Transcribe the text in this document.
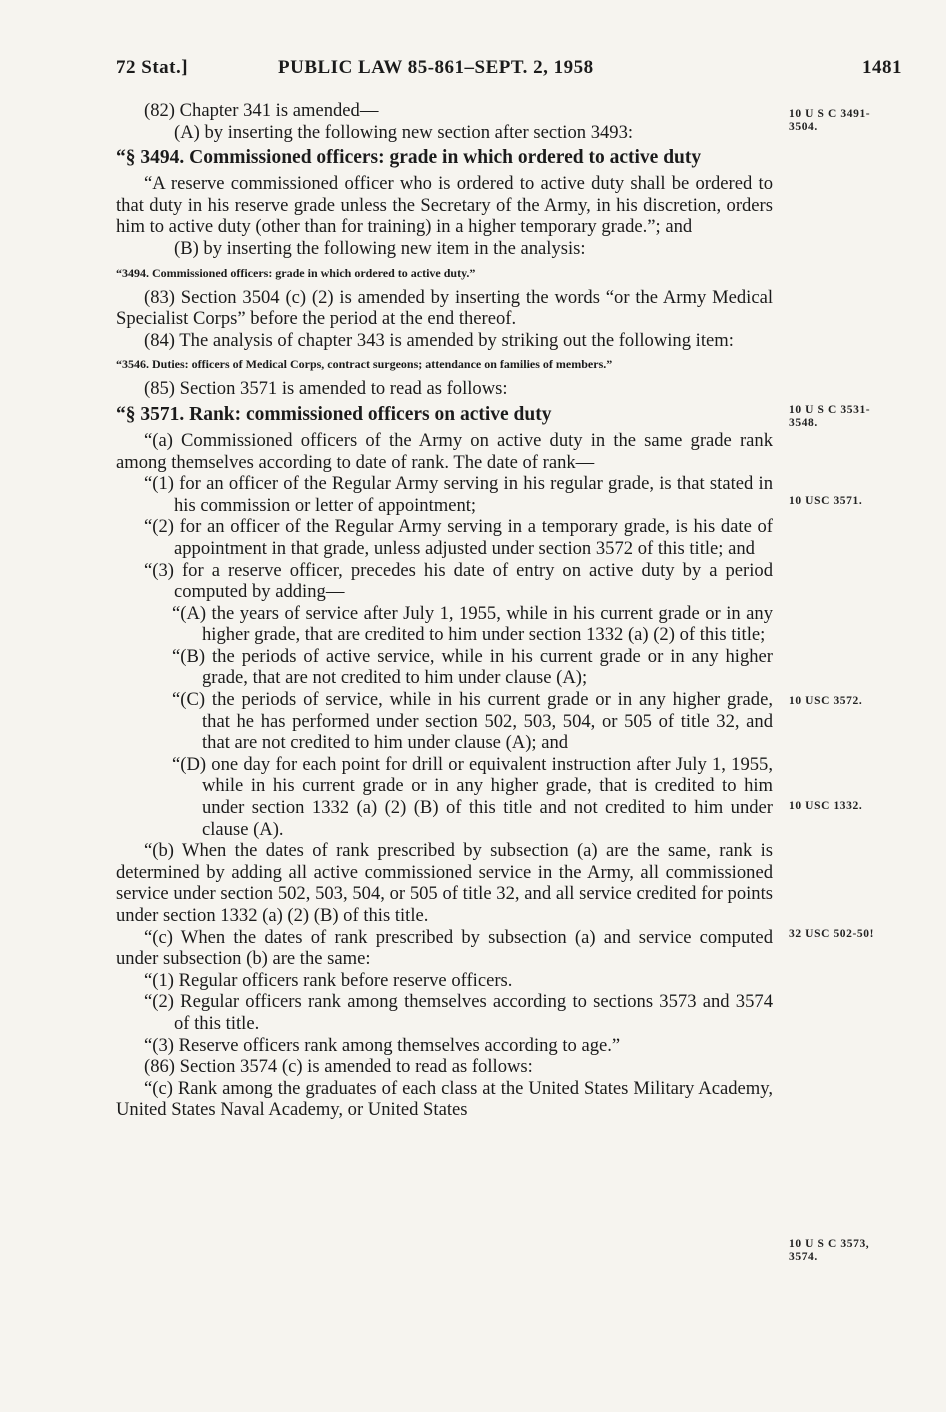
72 Stat.]	PUBLIC LAW 85-861–SEPT. 2, 1958	1481
10 U S C 3491-
3504.
10 U S C 3531-
3548.
10 USC 3571.
10 USC 3572.
10 USC 1332.
32 USC 502-50!
10 U S C 3573,
3574.

(82) Chapter 341 is amended—

(A) by inserting the following new section after section 3493:

“§ 3494. Commissioned officers: grade in which ordered to active duty

“A reserve commissioned officer who is ordered to active duty shall be ordered to that duty in his reserve grade unless the Secretary of the Army, in his discretion, orders him to active duty (other than for training) in a higher temporary grade.”; and

(B) by inserting the following new item in the analysis:

“3494. Commissioned officers: grade in which ordered to active duty.”

(83) Section 3504 (c) (2) is amended by inserting the words “or the Army Medical Specialist Corps” before the period at the end thereof.

(84) The analysis of chapter 343 is amended by striking out the following item:

“3546. Duties: officers of Medical Corps, contract surgeons; attendance on families of members.”

(85) Section 3571 is amended to read as follows:

“§ 3571. Rank: commissioned officers on active duty

“(a) Commissioned officers of the Army on active duty in the same grade rank among themselves according to date of rank. The date of rank—

“(1) for an officer of the Regular Army serving in his regular grade, is that stated in his commission or letter of appointment;

“(2) for an officer of the Regular Army serving in a temporary grade, is his date of appointment in that grade, unless adjusted under section 3572 of this title; and

“(3) for a reserve officer, precedes his date of entry on active duty by a period computed by adding—

“(A) the years of service after July 1, 1955, while in his current grade or in any higher grade, that are credited to him under section 1332 (a) (2) of this title;

“(B) the periods of active service, while in his current grade or in any higher grade, that are not credited to him under clause (A);

“(C) the periods of service, while in his current grade or in any higher grade, that he has performed under section 502, 503, 504, or 505 of title 32, and that are not credited to him under clause (A); and

“(D) one day for each point for drill or equivalent instruction after July 1, 1955, while in his current grade or in any higher grade, that is credited to him under section 1332 (a) (2) (B) of this title and not credited to him under clause (A).

“(b) When the dates of rank prescribed by subsection (a) are the same, rank is determined by adding all active commissioned service in the Army, all commissioned service under section 502, 503, 504, or 505 of title 32, and all service credited for points under section 1332 (a) (2) (B) of this title.

“(c) When the dates of rank prescribed by subsection (a) and service computed under subsection (b) are the same:

“(1) Regular officers rank before reserve officers.

“(2) Regular officers rank among themselves according to sections 3573 and 3574 of this title.

“(3) Reserve officers rank among themselves according to age.”

(86) Section 3574 (c) is amended to read as follows:

“(c) Rank among the graduates of each class at the United States Military Academy, United States Naval Academy, or United States
